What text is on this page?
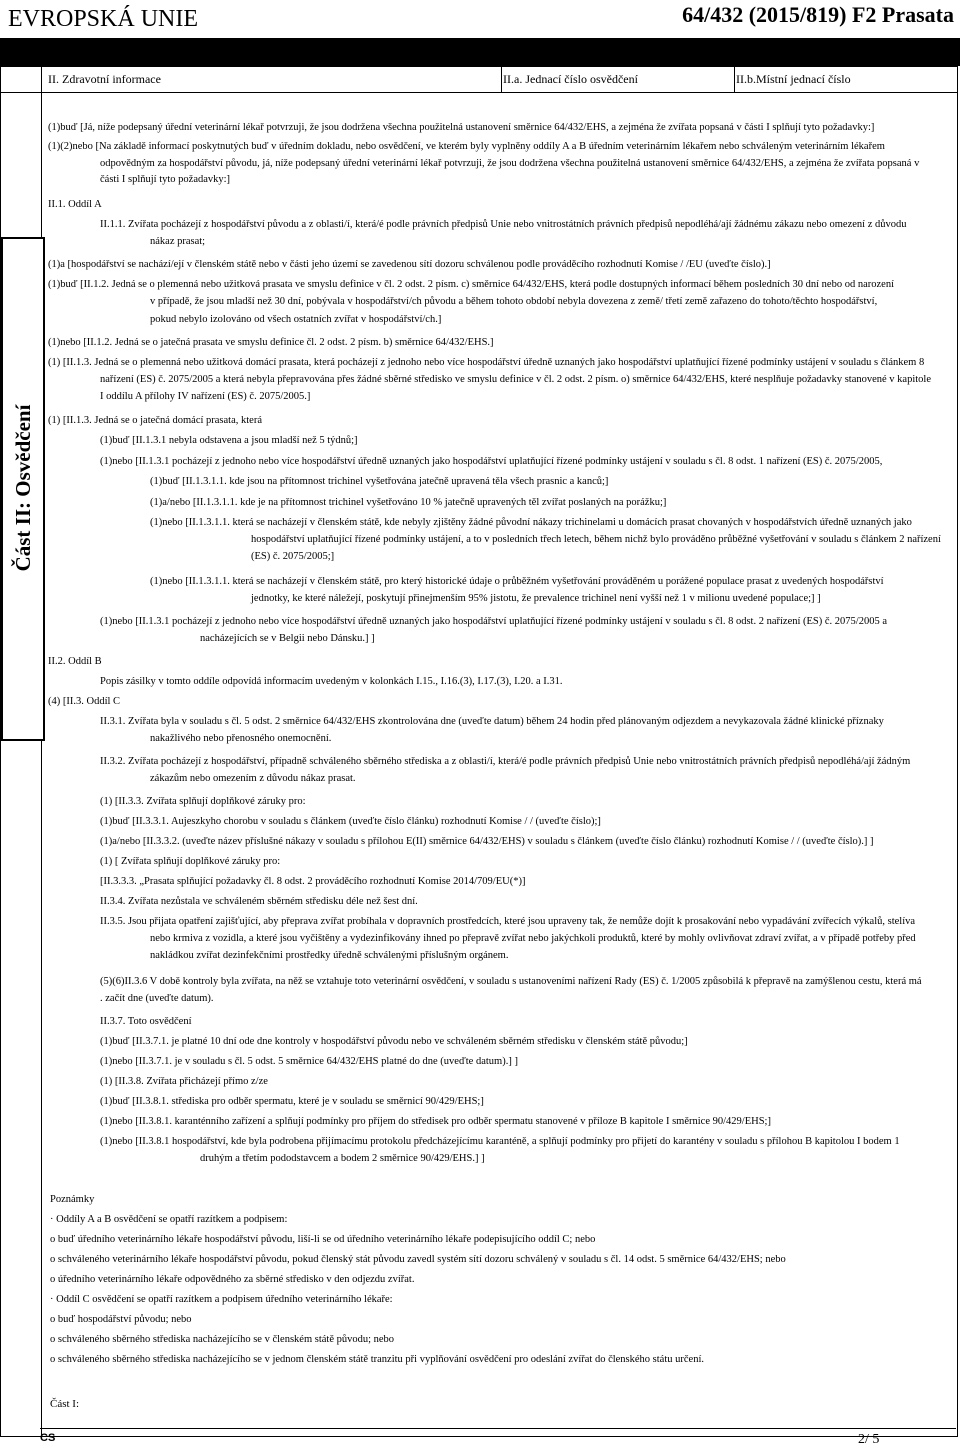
EVROPSKÁ UNIE	64/432 (2015/819) F2 Prasata
II. Zdravotní informace	II.a. Jednací číslo osvědčení	II.b.Místní jednací číslo
Část II: Osvědčení
(1)buď [Já, níže podepsaný úřední veterinární lékař potvrzuji, že jsou dodržena všechna použitelná ustanovení směrnice 64/432/EHS, a zejména že zvířata popsaná v části I splňují tyto požadavky:]
(1)(2)nebo [Na základě informací poskytnutých buď v úředním dokladu, nebo osvědčení, ve kterém byly vyplněny oddíly A a B úředním veterinárním lékařem nebo schváleným veterinárním lékařem
odpovědným za hospodářství původu, já, níže podepsaný úřední veterinární lékař potvrzuji, že jsou dodržena všechna použitelná ustanovení směrnice 64/432/EHS, a zejména že zvířata popsaná v
části I splňují tyto požadavky:]
II.1. Oddíl A
II.1.1. Zvířata pocházejí z hospodářství původu a z oblasti/í, která/é podle právních předpisů Unie nebo vnitrostátních právních předpisů nepodléhá/ají žádnému zákazu nebo omezení z důvodu
nákaz prasat;
(1)a [hospodářství se nachází/ejí v členském státě nebo v části jeho území se zavedenou sítí dozoru schválenou podle prováděcího rozhodnutí Komise / /EU (uveďte číslo).]
(1)buď [II.1.2. Jedná se o plemenná nebo užitková prasata ve smyslu definice v čl. 2 odst. 2 písm. c) směrnice 64/432/EHS, která podle dostupných informací během posledních 30 dní nebo od narození
v případě, že jsou mladší než 30 dní, pobývala v hospodářství/ch původu a během tohoto období nebyla dovezena z země/ třetí země zařazeno do tohoto/těchto hospodářství,
pokud nebylo izolováno od všech ostatních zvířat v hospodářství/ch.]
(1)nebo [II.1.2. Jedná se o jatečná prasata ve smyslu definice čl. 2 odst. 2 písm. b) směrnice 64/432/EHS.]
(1) [II.1.3. Jedná se o plemenná nebo užitková domácí prasata, která pocházejí z jednoho nebo více hospodářství úředně uznaných jako hospodářství uplatňující řízené podmínky ustájení v souladu s článkem 8
nařízení (ES) č. 2075/2005 a která nebyla přepravována přes žádné sběrné středisko ve smyslu definice v čl. 2 odst. 2 písm. o) směrnice 64/432/EHS, které nesplňuje požadavky stanovené v kapitole
I oddílu A přílohy IV nařízení (ES) č. 2075/2005.]
(1) [II.1.3. Jedná se o jatečná domácí prasata, která
(1)buď [II.1.3.1 nebyla odstavena a jsou mladší než 5 týdnů;]
(1)nebo [II.1.3.1 pocházejí z jednoho nebo více hospodářství úředně uznaných jako hospodářství uplatňující řízené podmínky ustájení v souladu s čl. 8 odst. 1 nařízení (ES) č. 2075/2005,
(1)buď [II.1.3.1.1. kde jsou na přítomnost trichinel vyšetřována jatečně upravená těla všech prasnic a kanců;]
(1)a/nebo [II.1.3.1.1. kde je na přítomnost trichinel vyšetřováno 10 % jatečně upravených těl zvířat poslaných na porážku;]
(1)nebo [II.1.3.1.1. která se nacházejí v členském státě, kde nebyly zjištěny žádné původní nákazy trichinelami u domácích prasat chovaných v hospodářstvích úředně uznaných jako
hospodářství uplatňující řízené podmínky ustájení, a to v posledních třech letech, během nichž bylo prováděno průběžné vyšetřování v souladu s článkem 2 nařízení
(ES) č. 2075/2005;]
(1)nebo [II.1.3.1.1. která se nacházejí v členském státě, pro který historické údaje o průběžném vyšetřování prováděném u porážené populace prasat z uvedených hospodářství
jednotky, ke které náležejí, poskytují přinejmenším 95% jistotu, že prevalence trichinel není vyšší než 1 v milionu uvedené populace;] ]
(1)nebo [II.1.3.1 pocházejí z jednoho nebo více hospodářství úředně uznaných jako hospodářství uplatňující řízené podmínky ustájení v souladu s čl. 8 odst. 2 nařízení (ES) č. 2075/2005 a
nacházejících se v Belgii nebo Dánsku.] ]
II.2. Oddíl B
Popis zásilky v tomto oddíle odpovídá informacím uvedeným v kolonkách I.15., I.16.(3), I.17.(3), I.20. a I.31.
(4) [II.3. Oddíl C
II.3.1. Zvířata byla v souladu s čl. 5 odst. 2 směrnice 64/432/EHS zkontrolována dne (uveďte datum) během 24 hodin před plánovaným odjezdem a nevykazovala žádné klinické příznaky
nakažlivého nebo přenosného onemocnění.
II.3.2. Zvířata pocházejí z hospodářství, případně schváleného sběrného střediska a z oblasti/í, která/é podle právních předpisů Unie nebo vnitrostátních právních předpisů nepodléhá/ají žádným
zákazům nebo omezením z důvodu nákaz prasat.
(1) [II.3.3. Zvířata splňují doplňkové záruky pro:
(1)buď [II.3.3.1. Aujeszkyho chorobu v souladu s článkem (uveďte číslo článku) rozhodnutí Komise / / (uveďte číslo);]
(1)a/nebo [II.3.3.2. (uveďte název příslušné nákazy v souladu s přílohou E(II) směrnice 64/432/EHS) v souladu s článkem (uveďte číslo článku) rozhodnutí Komise / / (uveďte číslo).] ]
(1) [ Zvířata splňují doplňkové záruky pro:
[II.3.3.3. „Prasata splňující požadavky čl. 8 odst. 2 prováděcího rozhodnutí Komise 2014/709/EU(*)]
II.3.4. Zvířata nezůstala ve schváleném sběrném středisku déle než šest dní.
II.3.5. Jsou přijata opatření zajišťující, aby přeprava zvířat probíhala v dopravních prostředcích, které jsou upraveny tak, že nemůže dojít k prosakování nebo vypadávání zvířecích výkalů, stelíva
nebo krmiva z vozidla, a které jsou vyčištěny a vydezinfikovány ihned po přepravě zvířat nebo jakýchkoli produktů, které by mohly ovlivňovat zdraví zvířat, a v případě potřeby před
nakládkou zvířat dezinfekčními prostředky úředně schválenými příslušným orgánem.
(5)(6)II.3.6 V době kontroly byla zvířata, na něž se vztahuje toto veterinární osvědčení, v souladu s ustanoveními nařízení Rady (ES) č. 1/2005 způsobilá k přepravě na zamýšlenou cestu, která má
. začít dne (uveďte datum).
II.3.7. Toto osvědčení
(1)buď [II.3.7.1. je platné 10 dní ode dne kontroly v hospodářství původu nebo ve schváleném sběrném středisku v členském státě původu;]
(1)nebo [II.3.7.1. je v souladu s čl. 5 odst. 5 směrnice 64/432/EHS platné do dne (uveďte datum).] ]
(1) [II.3.8. Zvířata přicházejí přímo z/ze
(1)buď [II.3.8.1. střediska pro odběr spermatu, které je v souladu se směrnicí 90/429/EHS;]
(1)nebo [II.3.8.1. karanténního zařízení a splňují podmínky pro příjem do středisek pro odběr spermatu stanovené v příloze B kapitole I směrnice 90/429/EHS;]
(1)nebo [II.3.8.1 hospodářství, kde byla podrobena přijímacímu protokolu předcházejícímu karanténě, a splňují podmínky pro přijetí do karantény v souladu s přílohou B kapitolou I bodem 1
druhým a třetím pododstavcem a bodem 2 směrnice 90/429/EHS.] ]
Poznámky
· Oddíly A a B osvědčení se opatří razítkem a podpisem:
o buď úředního veterinárního lékaře hospodářství původu, liší-li se od úředního veterinárního lékaře podepisujícího oddíl C; nebo
o schváleného veterinárního lékaře hospodářství původu, pokud členský stát původu zavedl systém sítí dozoru schválený v souladu s čl. 14 odst. 5 směrnice 64/432/EHS; nebo
o úředního veterinárního lékaře odpovědného za sběrné středisko v den odjezdu zvířat.
· Oddíl C osvědčení se opatří razítkem a podpisem úředního veterinárního lékaře:
o buď hospodářství původu; nebo
o schváleného sběrného střediska nacházejícího se v členském státě původu; nebo
o schváleného sběrného střediska nacházejícího se v jednom členském státě tranzitu při vyplňování osvědčení pro odeslání zvířat do členského státu určení.
Část I:
CS	2/ 5
